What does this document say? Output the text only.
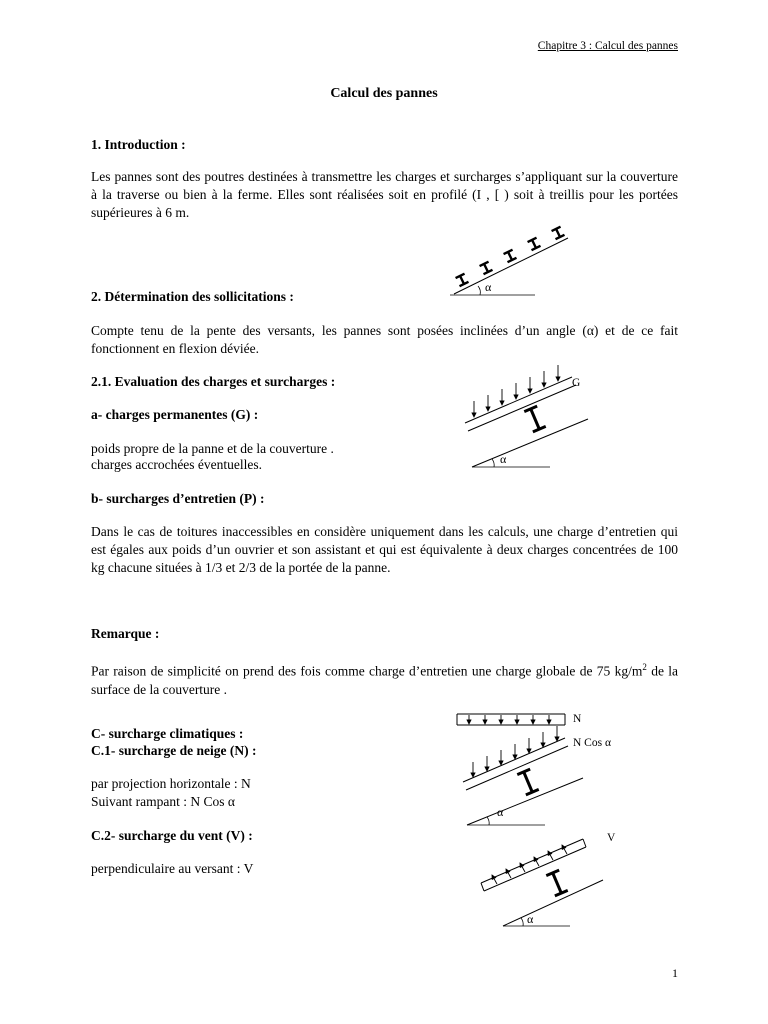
Chapitre 3 : Calcul des pannes
Calcul des pannes
1. Introduction :
Les pannes sont des poutres destinées à transmettre les charges et surcharges s’appliquant sur la couverture à la traverse ou bien à la ferme. Elles sont réalisées soit en profilé (I , [ ) soit à treillis pour les portées supérieures à 6 m.
2. Détermination des sollicitations :
Compte tenu de la pente des versants, les pannes sont posées inclinées d’un angle (α) et de ce fait fonctionnent en flexion déviée.
2.1. Evaluation des charges et surcharges :
a- charges permanentes (G) :
poids propre de la panne et de la couverture .
charges accrochées éventuelles.
b- surcharges d’entretien (P) :
Dans le cas de toitures inaccessibles en considère uniquement dans les calculs, une charge d’entretien qui est égales aux poids d’un ouvrier et son assistant et qui est équivalente à deux charges concentrées de 100 kg chacune situées à 1/3 et 2/3 de la portée de la panne.
Remarque :
Par raison de simplicité on prend des fois comme charge d’entretien une charge globale de 75 $kg/m^2$ de la surface de la couverture .
C- surcharge climatiques :
C.1- surcharge de neige (N) :
par projection horizontale : N
Suivant rampant : N Cos α
C.2- surcharge du vent (V) :
perpendiculaire au versant : V
α
G
α
N
N Cos α
α
V
α
1
